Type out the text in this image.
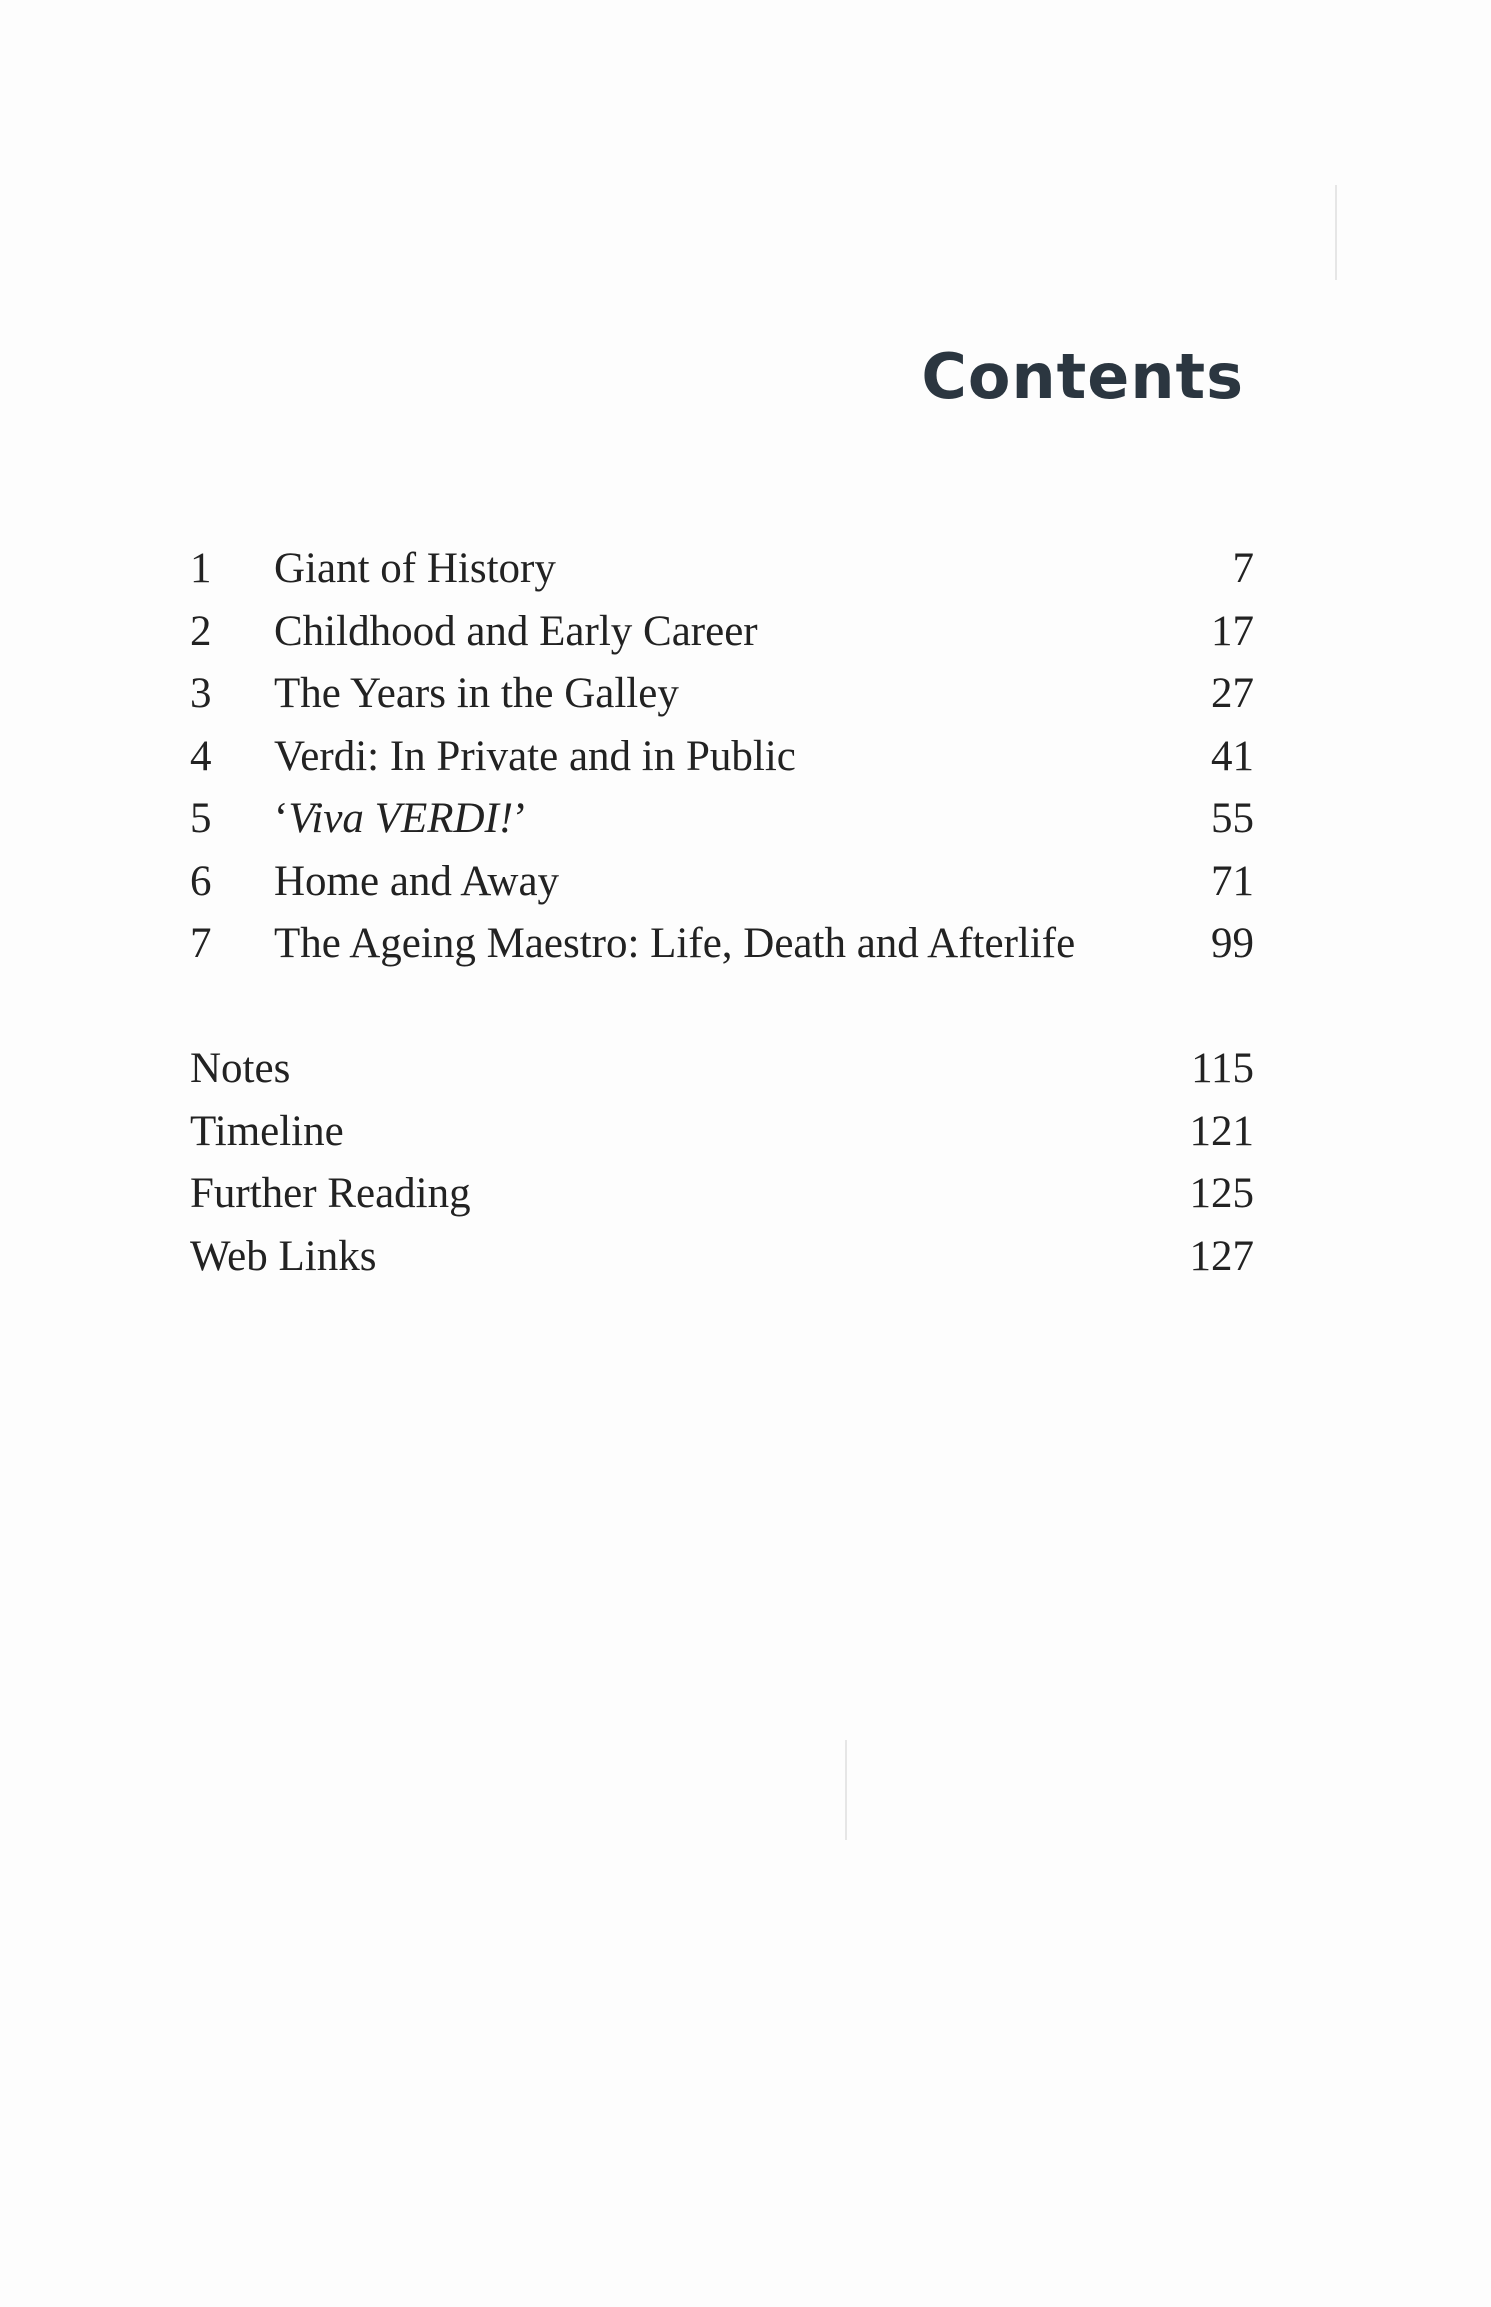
Contents
1	Giant of History	7
2	Childhood and Early Career	17
3	The Years in the Galley	27
4	Verdi: In Private and in Public	41
5	‘Viva VERDI!’	55
6	Home and Away	71
7	The Ageing Maestro: Life, Death and Afterlife	99
Notes	115
Timeline	121
Further Reading	125
Web Links	127
